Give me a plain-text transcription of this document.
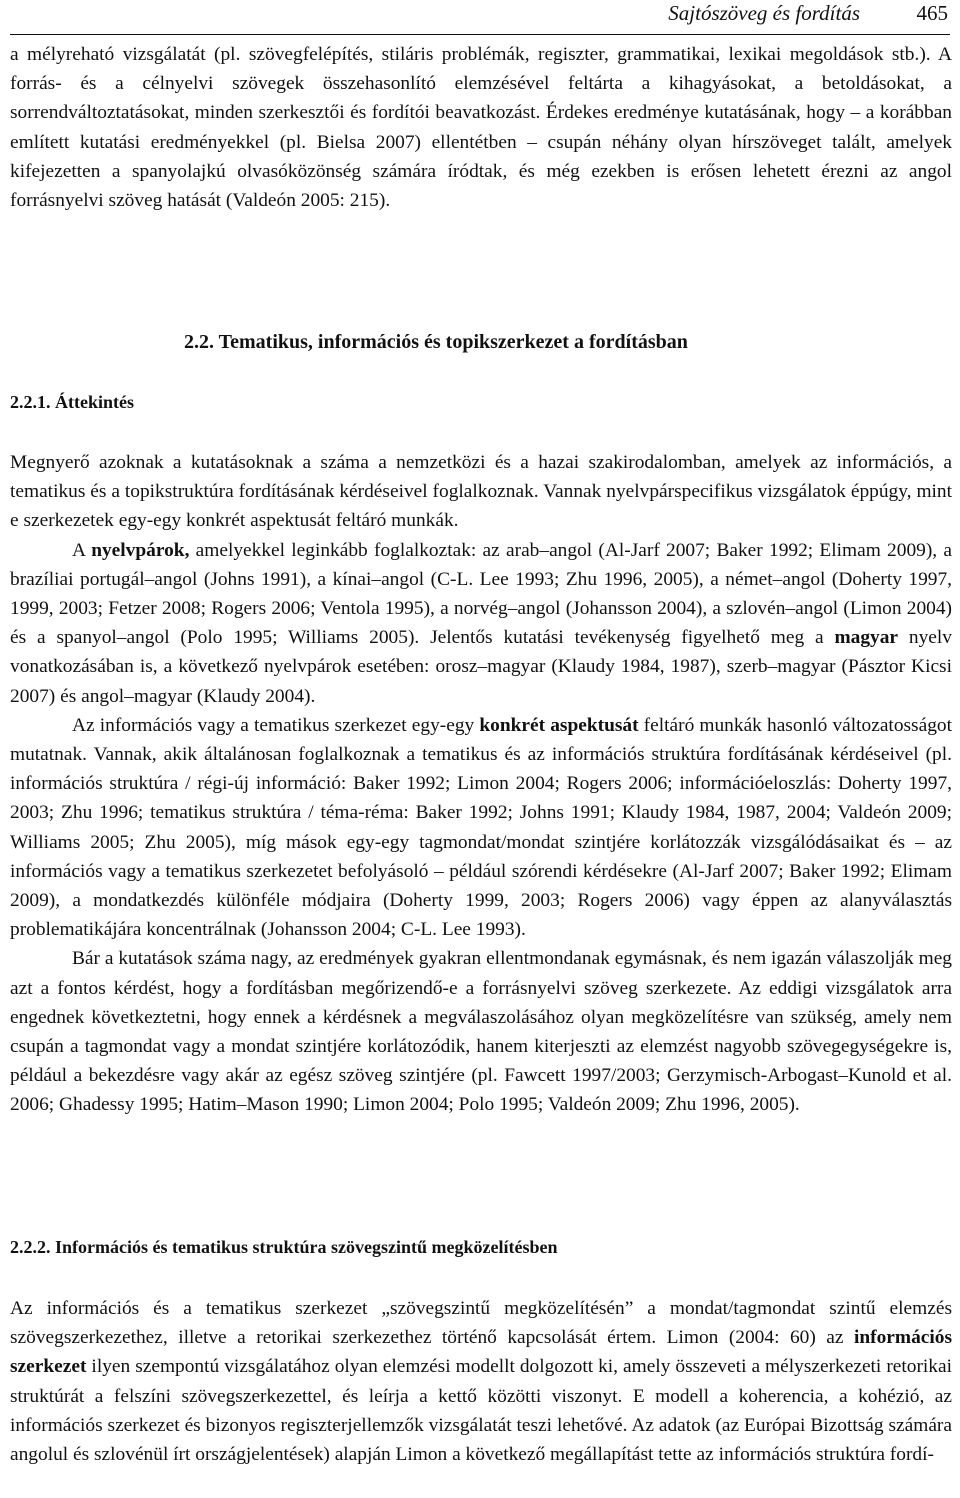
Sajtószöveg és fordítás	465

a mélyreható vizsgálatát (pl. szövegfelépítés, stiláris problémák, regiszter, grammatikai, lexikai megoldások stb.). A forrás- és a célnyelvi szövegek összehasonlító elemzésével feltárta a kihagyásokat, a betoldásokat, a sorrendváltoztatásokat, minden szerkesztői és fordítói beavatkozást. Érdekes eredménye kutatásának, hogy – a korábban említett kutatási eredményekkel (pl. Bielsa 2007) ellentétben – csupán néhány olyan hírszöveget talált, amelyek kifejezetten a spanyolajkú olvasóközönség számára íródtak, és még ezekben is erősen lehetett érezni az angol forrásnyelvi szöveg hatását (Valdeón 2005: 215).

2.2. Tematikus, információs és topikszerkezet a fordításban
2.2.1. Áttekintés

Megnyerő azoknak a kutatásoknak a száma a nemzetközi és a hazai szakirodalomban, amelyek az információs, a tematikus és a topikstruktúra fordításának kérdéseivel foglalkoznak. Vannak nyelvpárspecifikus vizsgálatok éppúgy, mint e szerkezetek egy-egy konkrét aspektusát feltáró munkák.

A nyelvpárok, amelyekkel leginkább foglalkoztak: az arab–angol (Al-Jarf 2007; Baker 1992; Elimam 2009), a brazíliai portugál–angol (Johns 1991), a kínai–angol (C-L. Lee 1993; Zhu 1996, 2005), a német–angol (Doherty 1997, 1999, 2003; Fetzer 2008; Rogers 2006; Ventola 1995), a norvég–angol (Johansson 2004), a szlovén–angol (Limon 2004) és a spanyol–angol (Polo 1995; Williams 2005). Jelentős kutatási tevékenység figyelhető meg a magyar nyelv vonatkozásában is, a következő nyelvpárok esetében: orosz–magyar (Klaudy 1984, 1987), szerb–magyar (Pásztor Kicsi 2007) és angol–magyar (Klaudy 2004).

Az információs vagy a tematikus szerkezet egy-egy konkrét aspektusát feltáró munkák hasonló változatosságot mutatnak. Vannak, akik általánosan foglalkoznak a tematikus és az információs struktúra fordításának kérdéseivel (pl. információs struktúra / régi-új információ: Baker 1992; Limon 2004; Rogers 2006; információeloszlás: Doherty 1997, 2003; Zhu 1996; tematikus struktúra / téma-réma: Baker 1992; Johns 1991; Klaudy 1984, 1987, 2004; Valdeón 2009; Williams 2005; Zhu 2005), míg mások egy-egy tagmondat/mondat szintjére korlátozzák vizsgálódásaikat és – az információs vagy a tematikus szerkezetet befolyásoló – például szórendi kérdésekre (Al-Jarf 2007; Baker 1992; Elimam 2009), a mondatkezdés különféle módjaira (Doherty 1999, 2003; Rogers 2006) vagy éppen az alanyválasztás problematikájára koncentrálnak (Johansson 2004; C-L. Lee 1993).

Bár a kutatások száma nagy, az eredmények gyakran ellentmondanak egymásnak, és nem igazán válaszolják meg azt a fontos kérdést, hogy a fordításban megőrizendő-e a forrásnyelvi szöveg szerkezete. Az eddigi vizsgálatok arra engednek következtetni, hogy ennek a kérdésnek a megválaszolásához olyan megközelítésre van szükség, amely nem csupán a tagmondat vagy a mondat szintjére korlátozódik, hanem kiterjeszti az elemzést nagyobb szövegegységekre is, például a bekezdésre vagy akár az egész szöveg szintjére (pl. Fawcett 1997/2003; Gerzymisch-Arbogast–Kunold et al. 2006; Ghadessy 1995; Hatim–Mason 1990; Limon 2004; Polo 1995; Valdeón 2009; Zhu 1996, 2005).

2.2.2. Információs és tematikus struktúra szövegszintű megközelítésben

Az információs és a tematikus szerkezet „szövegszintű megközelítésén” a mondat/tagmondat szintű elemzés szövegszerkezethez, illetve a retorikai szerkezethez történő kapcsolását értem. Limon (2004: 60) az információs szerkezet ilyen szempontú vizsgálatához olyan elemzési modellt dolgozott ki, amely összeveti a mélyszerkezeti retorikai struktúrát a felszíni szövegszerkezettel, és leírja a kettő közötti viszonyt. E modell a koherencia, a kohézió, az információs szerkezet és bizonyos regiszterjellemzők vizsgálatát teszi lehetővé. Az adatok (az Európai Bizottság számára angolul és szlovénül írt országjelentések) alapján Limon a következő megállapítást tette az információs struktúra fordí-
